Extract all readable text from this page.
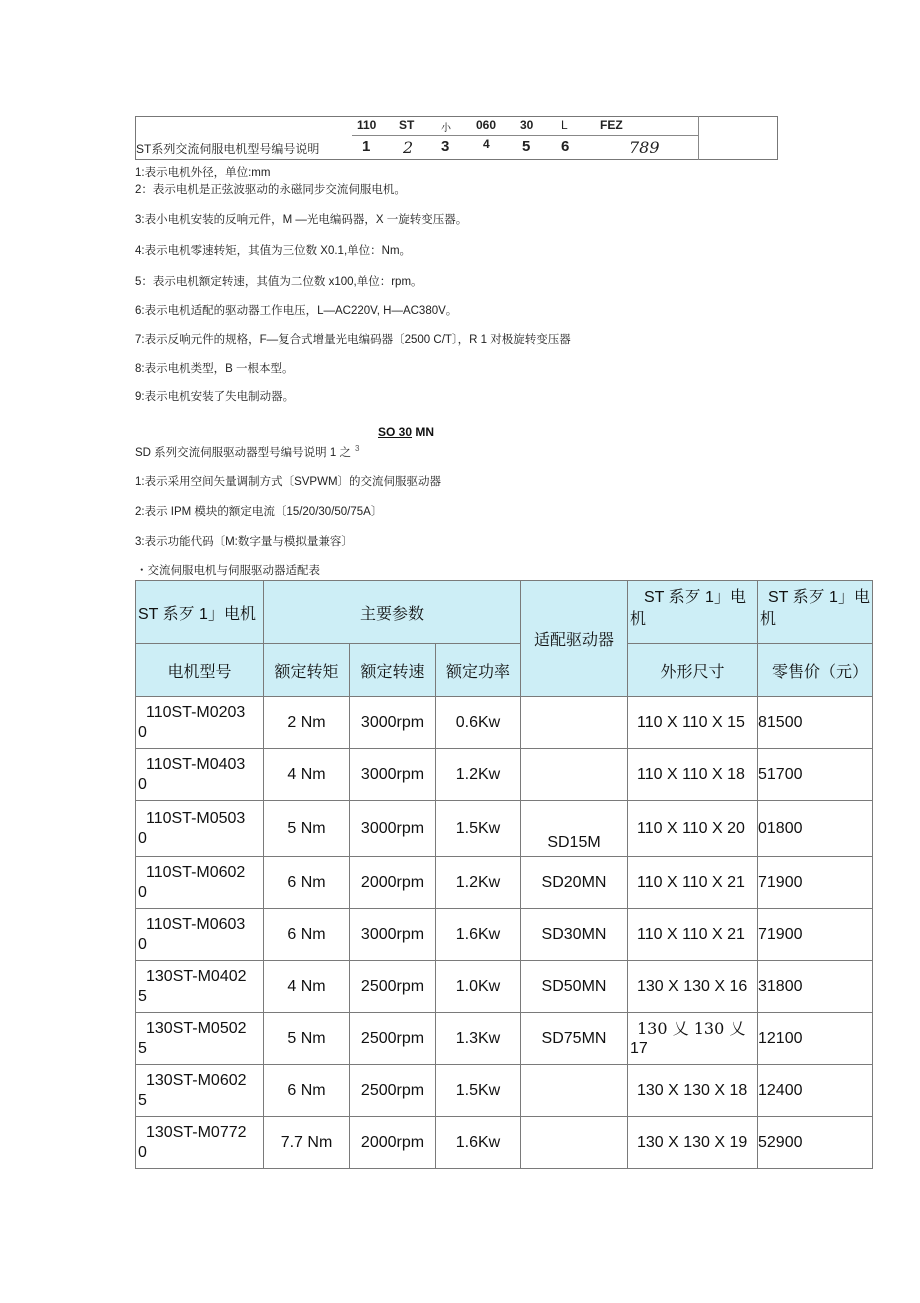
110 ST	小 060 30 L	FEZ
1 2 3	4 5 6	789
ST系列交流伺服电机型号编号说明
1:表示电机外径，单位:mm
2：表示电机是正弦波驱动的永磁同步交流伺服电机。
3:表小电机安装的反响元件，M —光电编码器，X 一旋转变压器。
4:表示电机零速转矩，其值为三位数 X0.1,单位：Nm。
5：表示电机额定转速，其值为二位数 x100,单位：rpm。
6:表示电机适配的驱动器工作电压，L—AC220V, H—AC380V。
7:表示反响元件的规格，F—复合式增量光电编码器〔2500 C/T〕，R 1 对极旋转变压器
8:表示电机类型，B 一根本型。
9:表示电机安装了失电制动器。
SO 30 MN
SD 系列交流伺服驱动器型号编号说明 1 之 $^3$
1:表示采用空间矢量调制方式〔SVPWM〕的交流伺服驱动器
2:表示 IPM 模块的额定电流〔15/20/30/50/75A〕
3:表示功能代码〔M:数字量与模拟量兼容〕
・交流伺服电机与伺服驱动器适配表
ST 系歹 1」电机	主要参数			适配驱动器	ST 系歹 1」电
机	ST 系歹 1」电
机
电机型号	额定转矩	额定转速	额定功率		外形尺寸	零售价（元）

110ST-M0203
0	2 Nm	3000rpm	0.6Kw		110 X 110 X 15	81500

110ST-M0403
0	4 Nm	3000rpm	1.2Kw		110 X 110 X 18	51700

110ST-M0503
0	5 Nm	3000rpm	1.5Kw	SD15M	110 X 110 X 20	01800

110ST-M0602
0	6 Nm	2000rpm	1.2Kw	SD20MN	110 X 110 X 21	71900

110ST-M0603
0	6 Nm	3000rpm	1.6Kw	SD30MN	110 X 110 X 21	71900

130ST-M0402
5	4 Nm	2500rpm	1.0Kw	SD50MN	130 X 130 X 16	31800

130ST-M0502
5	5 Nm	2500rpm	1.3Kw	SD75MN	130 乂 130 乂
17	12100

130ST-M0602
5	6 Nm	2500rpm	1.5Kw		130 X 130 X 18	12400

130ST-M0772
0	7.7 Nm	2000rpm	1.6Kw		130 X 130 X 19	52900
